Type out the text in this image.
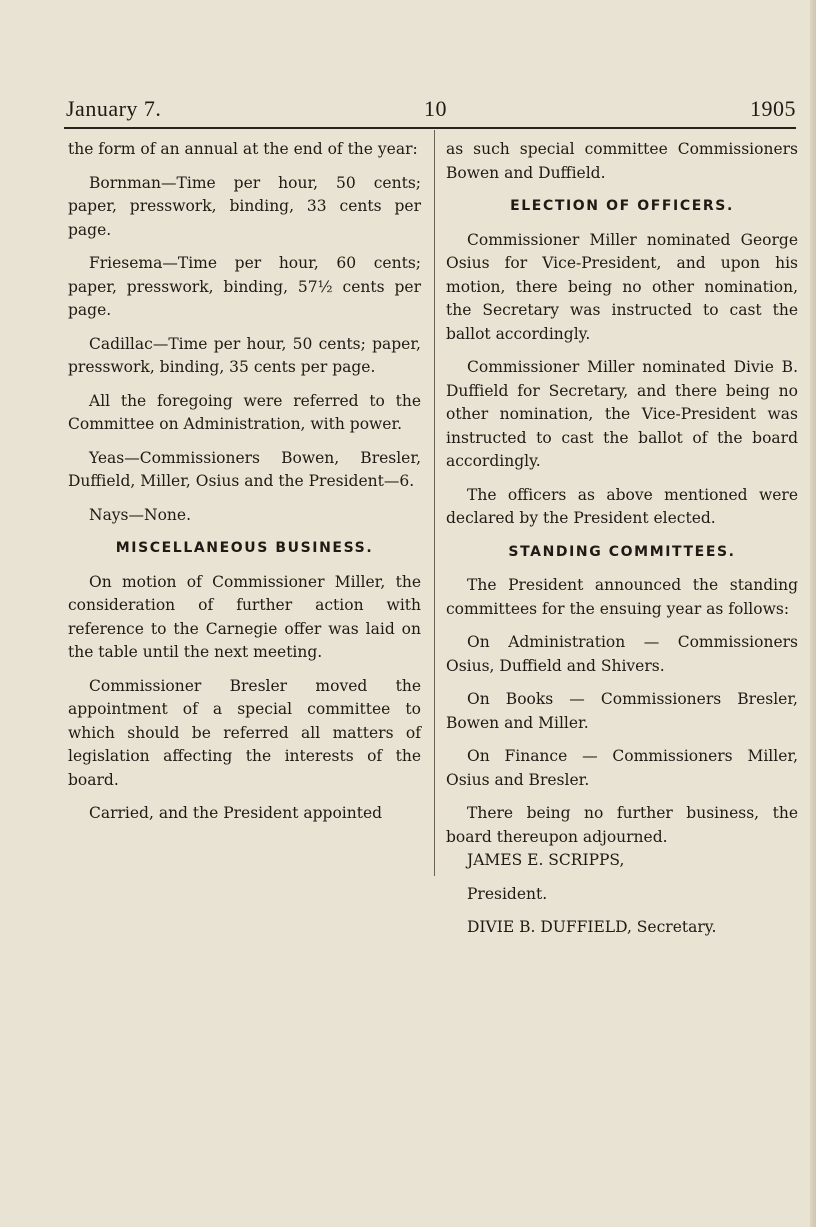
January 7.	10	1905

the form of an annual at the end of the year:

Bornman—Time per hour, 50 cents; paper, presswork, binding, 33 cents per page.

Friesema—Time per hour, 60 cents; paper, presswork, binding, 57½ cents per page.

Cadillac—Time per hour, 50 cents; paper, presswork, binding, 35 cents per page.

All the foregoing were referred to the Committee on Administration, with power.

Yeas—Commissioners Bowen, Bresler, Duffield, Miller, Osius and the President—6.

Nays—None.

MISCELLANEOUS BUSINESS.

On motion of Commissioner Miller, the consideration of further action with reference to the Carnegie offer was laid on the table until the next meeting.

Commissioner Bresler moved the appointment of a special committee to which should be referred all matters of legislation affecting the interests of the board.

Carried, and the President appointed

as such special committee Commissioners Bowen and Duffield.

ELECTION OF OFFICERS.

Commissioner Miller nominated George Osius for Vice-President, and upon his motion, there being no other nomination, the Secretary was instructed to cast the ballot accordingly.

Commissioner Miller nominated Divie B. Duffield for Secretary, and there being no other nomination, the Vice-President was instructed to cast the ballot of the board accordingly.

The officers as above mentioned were declared by the President elected.

STANDING COMMITTEES.

The President announced the standing committees for the ensuing year as follows:

On Administration — Commissioners Osius, Duffield and Shivers.

On Books — Commissioners Bresler, Bowen and Miller.

On Finance — Commissioners Miller, Osius and Bresler.

There being no further business, the board thereupon adjourned.

JAMES E. SCRIPPS,

President.

DIVIE B. DUFFIELD, Secretary.
